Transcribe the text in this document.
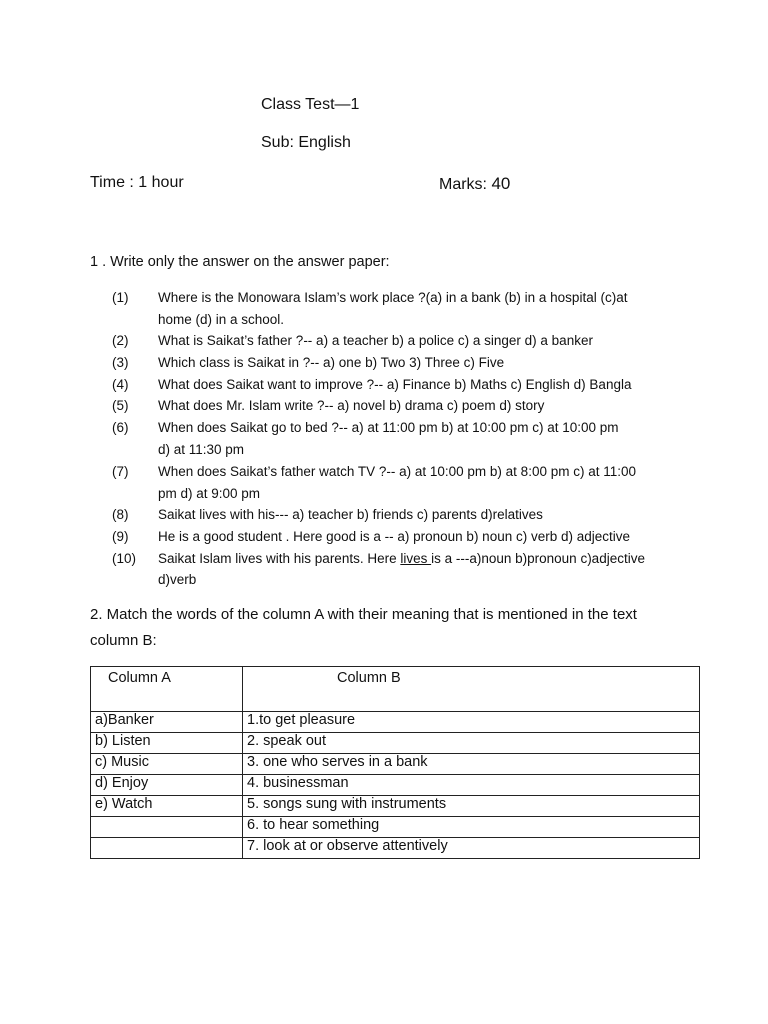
Class Test—1
Sub: English
Time : 1 hour	Marks: 40
1 . Write only the answer on the answer paper:
(1) Where is the Monowara Islam’s work place ?(a) in a bank (b) in a hospital (c)at
home (d) in a school.
(2) What is Saikat’s father ?-- a) a teacher b) a police c) a singer d) a banker
(3) Which class is Saikat in ?-- a) one b) Two 3) Three c) Five
(4) What does Saikat want to improve ?-- a) Finance b) Maths c) English d) Bangla
(5) What does Mr. Islam write ?-- a) novel b) drama c) poem d) story
(6) When does Saikat go to bed ?-- a) at 11:00 pm b) at 10:00 pm c) at 10:00 pm
d) at 11:30 pm
(7) When does Saikat’s father watch TV ?-- a) at 10:00 pm b) at 8:00 pm c) at 11:00
pm d) at 9:00 pm
(8) Saikat lives with his--- a) teacher b) friends c) parents d)relatives
(9) He is a good student . Here good is a -- a) pronoun b) noun c) verb d) adjective
(10) Saikat Islam lives with his parents. Here lives is a ---a)noun b)pronoun c)adjective
d)verb
2. Match the words of the column A with their meaning that is mentioned in the text
column B:
Column A	Column B
a)Banker	1.to get pleasure
b) Listen	2. speak out
c) Music	3. one who serves in a bank
d) Enjoy	4. businessman
e) Watch	5. songs sung with instruments
	6. to hear something
	7. look at or observe attentively
